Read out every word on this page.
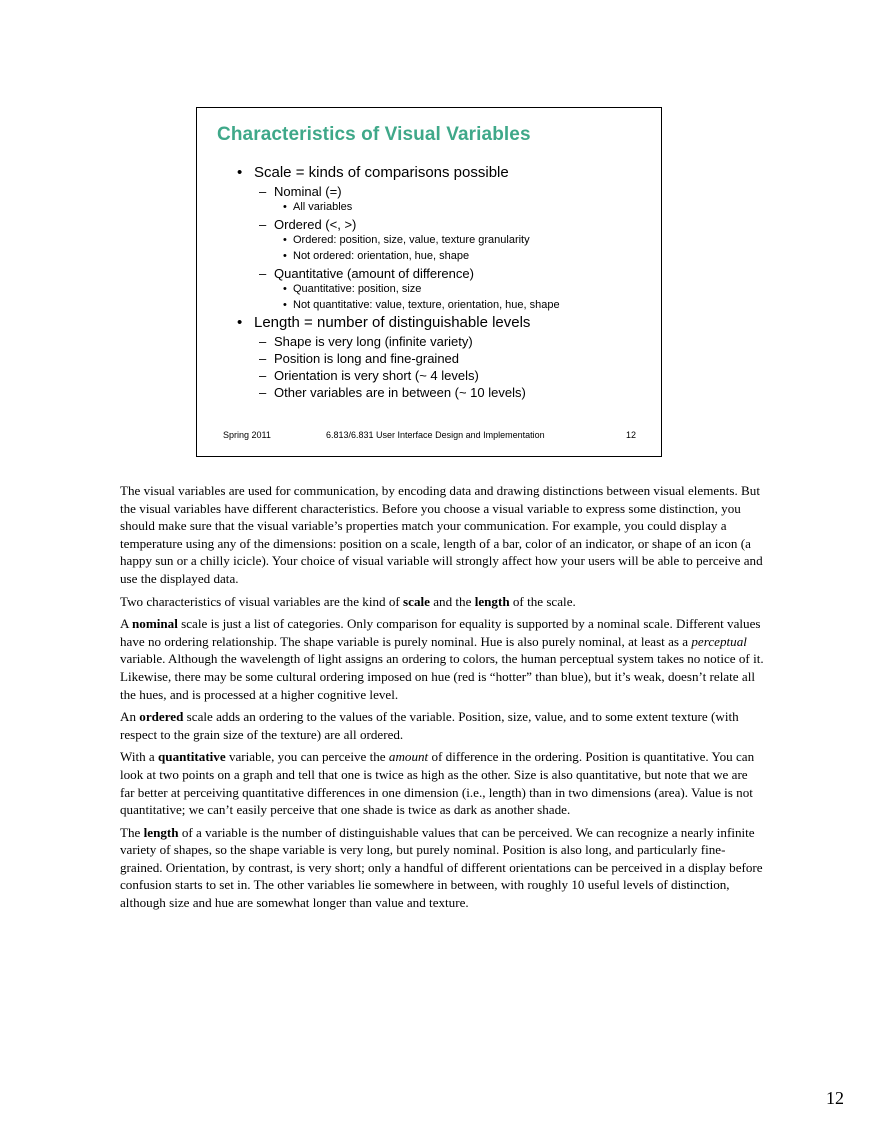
Characteristics of Visual Variables
• Scale = kinds of comparisons possible
– Nominal (=)
• All variables
– Ordered (<, >)
• Ordered: position, size, value, texture granularity
• Not ordered: orientation, hue, shape
– Quantitative (amount of difference)
• Quantitative: position, size
• Not quantitative: value, texture, orientation, hue, shape
• Length = number of distinguishable levels
– Shape is very long (infinite variety)
– Position is long and fine-grained
– Orientation is very short (~ 4 levels)
– Other variables are in between (~ 10 levels)
Spring 2011	6.813/6.831 User Interface Design and Implementation	12

The visual variables are used for communication, by encoding data and drawing distinctions between visual elements. But the visual variables have different characteristics. Before you choose a visual variable to express some distinction, you should make sure that the visual variable’s properties match your communication. For example, you could display a temperature using any of the dimensions: position on a scale, length of a bar, color of an indicator, or shape of an icon (a happy sun or a chilly icicle). Your choice of visual variable will strongly affect how your users will be able to perceive and use the displayed data.

Two characteristics of visual variables are the kind of scale and the length of the scale.

A nominal scale is just a list of categories. Only comparison for equality is supported by a nominal scale. Different values have no ordering relationship. The shape variable is purely nominal. Hue is also purely nominal, at least as a perceptual variable. Although the wavelength of light assigns an ordering to colors, the human perceptual system takes no notice of it. Likewise, there may be some cultural ordering imposed on hue (red is “hotter” than blue), but it’s weak, doesn’t relate all the hues, and is processed at a higher cognitive level.

An ordered scale adds an ordering to the values of the variable. Position, size, value, and to some extent texture (with respect to the grain size of the texture) are all ordered.

With a quantitative variable, you can perceive the amount of difference in the ordering. Position is quantitative. You can look at two points on a graph and tell that one is twice as high as the other. Size is also quantitative, but note that we are far better at perceiving quantitative differences in one dimension (i.e., length) than in two dimensions (area). Value is not quantitative; we can’t easily perceive that one shade is twice as dark as another shade.

The length of a variable is the number of distinguishable values that can be perceived. We can recognize a nearly infinite variety of shapes, so the shape variable is very long, but purely nominal. Position is also long, and particularly fine-grained. Orientation, by contrast, is very short; only a handful of different orientations can be perceived in a display before confusion starts to set in. The other variables lie somewhere in between, with roughly 10 useful levels of distinction, although size and hue are somewhat longer than value and texture.

12
